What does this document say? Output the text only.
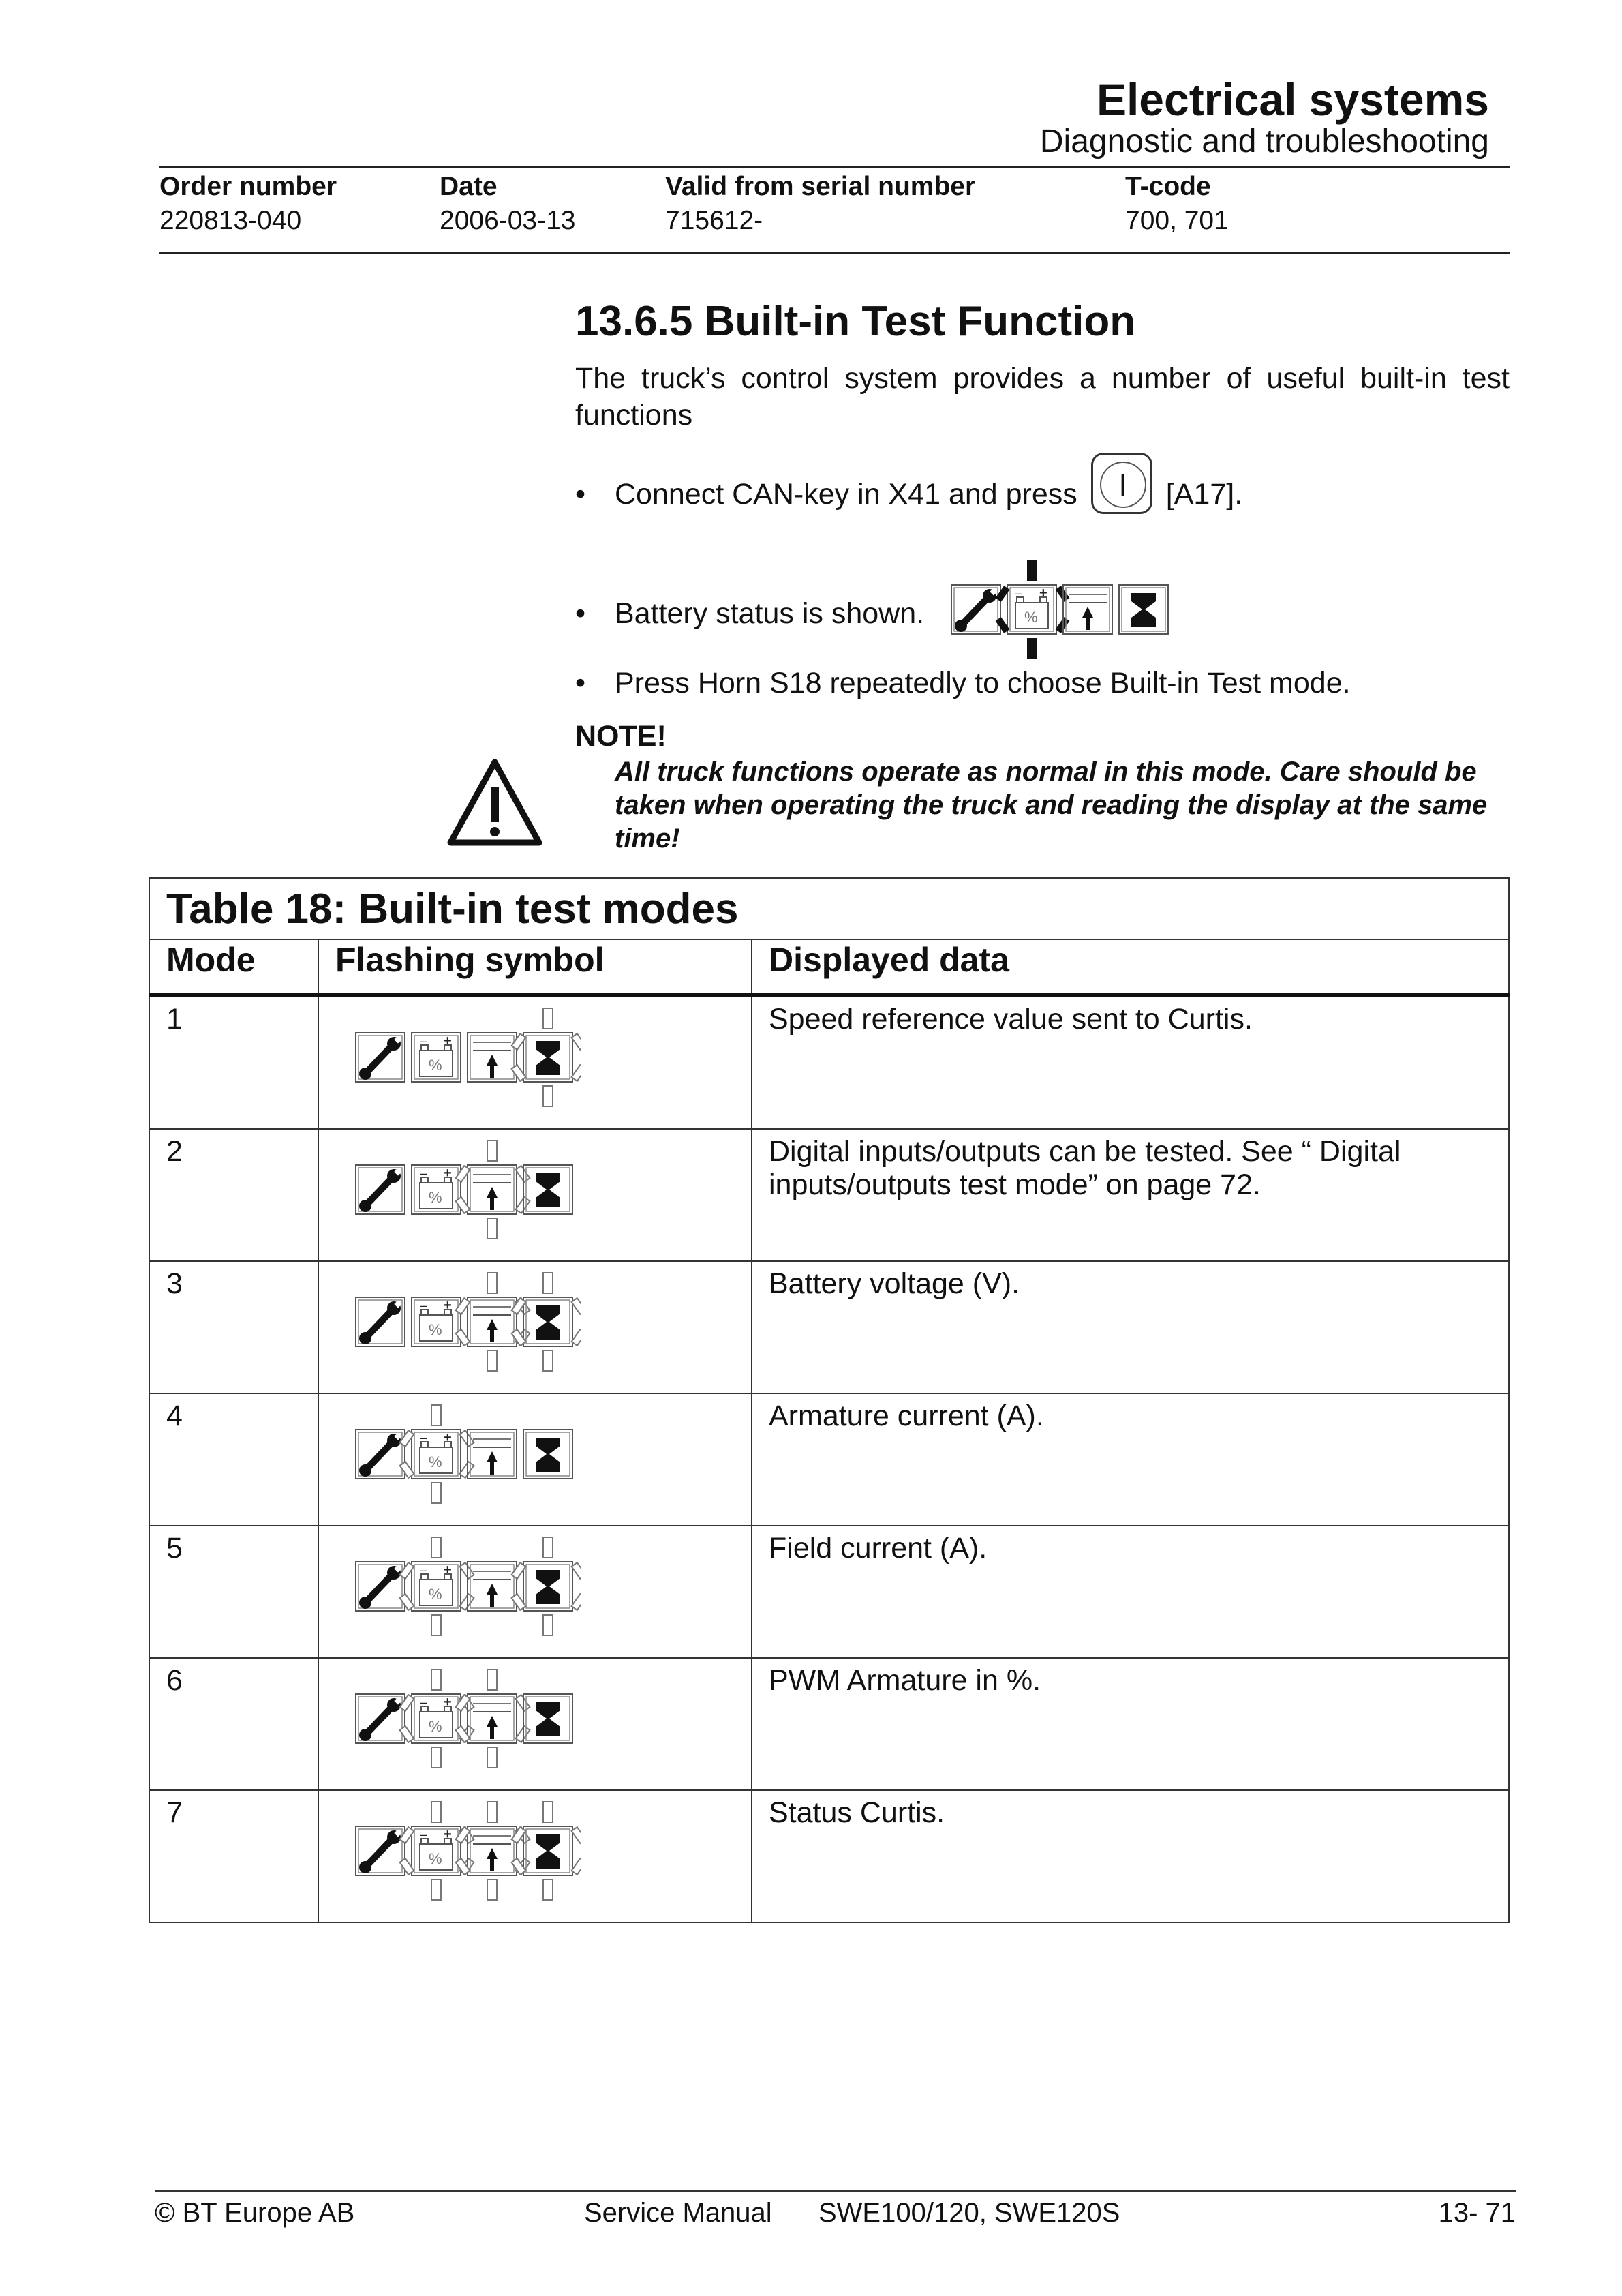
Electrical systems
Diagnostic and troubleshooting
Order number	Date	Valid from serial number	T-code
220813-040	2006-03-13	715612-	700, 701
13.6.5 Built-in Test Function
The truck’s control system provides a number of useful built-in test functions
• Connect CAN-key in X41 and press	I	[A17].
• Battery status is shown.
– +
%
• Press Horn S18 repeatedly to choose Built-in Test mode.
NOTE!
All truck functions operate as normal in this mode. Care should be taken when operating the truck and reading the display at the same time!
Table 18: Built-in test modes		
Mode	Flashing symbol	Displayed data
1	– +
%	Speed reference value sent to Curtis.
2	– +
%	Digital inputs/outputs can be tested. See “ Digital inputs/outputs test mode” on page 72.
3	– +
%	Battery voltage (V).
4	– +
%	Armature current (A).
5	– +
%	Field current (A).
6	– +
%	PWM Armature in %.
7	– +
%	Status Curtis.
© BT Europe AB	Service Manual SWE100/120, SWE120S	13- 71
